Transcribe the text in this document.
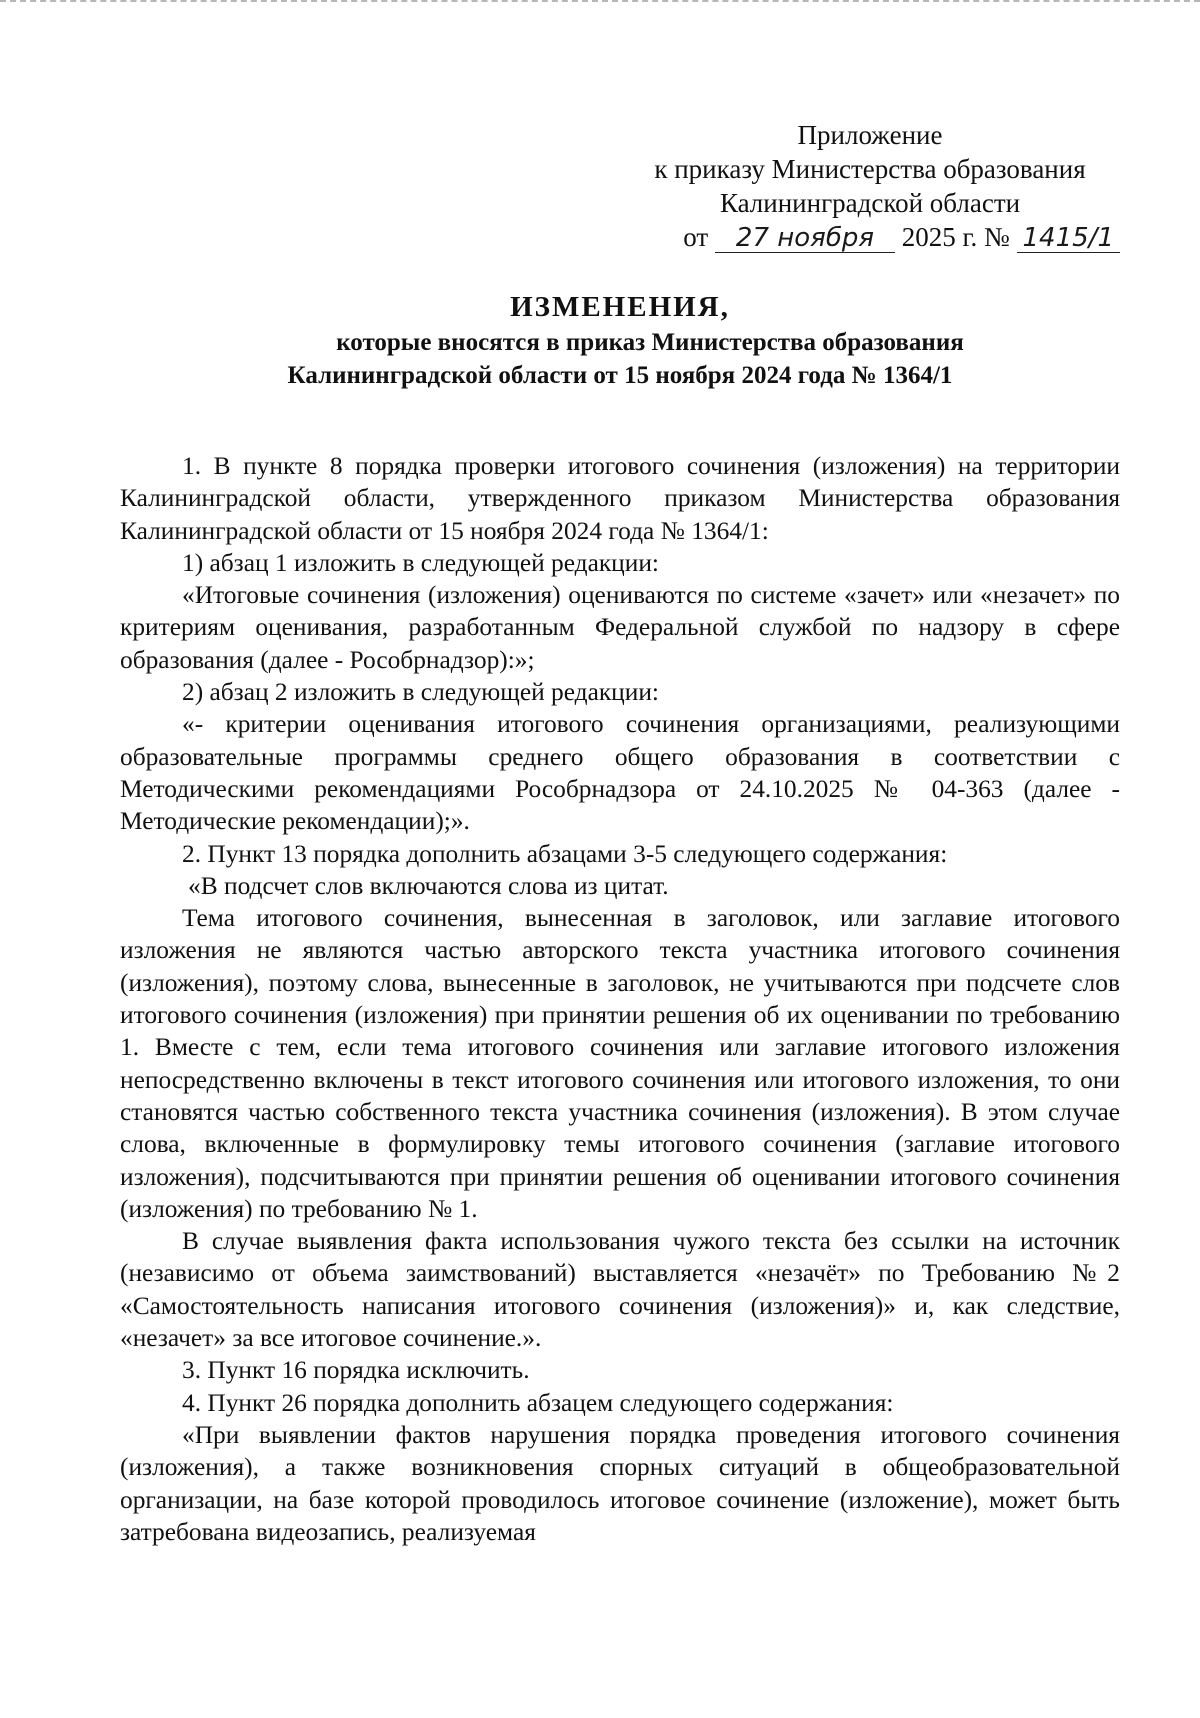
Приложение
к приказу Министерства образования
Калининградской области
от 27 ноября 2025 г. № 1415/1
ИЗМЕНЕНИЯ,
которые вносятся в приказ Министерства образования
Калининградской области от 15 ноября 2024 года № 1364/1

1. В пункте 8 порядка проверки итогового сочинения (изложения) на территории Калининградской области, утвержденного приказом Министерства образования Калининградской области от 15 ноября 2024 года № 1364/1:

1) абзац 1 изложить в следующей редакции:

«Итоговые сочинения (изложения) оцениваются по системе «зачет» или «незачет» по критериям оценивания, разработанным Федеральной службой по надзору в сфере образования (далее - Рособрнадзор):»;

2) абзац 2 изложить в следующей редакции:

«- критерии оценивания итогового сочинения организациями, реализующими образовательные программы среднего общего образования в соответствии с Методическими рекомендациями Рособрнадзора от 24.10.2025 № 04-363 (далее - Методические рекомендации);».

2. Пункт 13 порядка дополнить абзацами 3-5 следующего содержания:

«В подсчет слов включаются слова из цитат.

Тема итогового сочинения, вынесенная в заголовок, или заглавие итогового изложения не являются частью авторского текста участника итогового сочинения (изложения), поэтому слова, вынесенные в заголовок, не учитываются при подсчете слов итогового сочинения (изложения) при принятии решения об их оценивании по требованию 1. Вместе с тем, если тема итогового сочинения или заглавие итогового изложения непосредственно включены в текст итогового сочинения или итогового изложения, то они становятся частью собственного текста участника сочинения (изложения). В этом случае слова, включенные в формулировку темы итогового сочинения (заглавие итогового изложения), подсчитываются при принятии решения об оценивании итогового сочинения (изложения) по требованию № 1.

В случае выявления факта использования чужого текста без ссылки на источник (независимо от объема заимствований) выставляется «незачёт» по Требованию №2 «Самостоятельность написания итогового сочинения (изложения)» и, как следствие, «незачет» за все итоговое сочинение.».

3. Пункт 16 порядка исключить.

4. Пункт 26 порядка дополнить абзацем следующего содержания:

«При выявлении фактов нарушения порядка проведения итогового сочинения (изложения), а также возникновения спорных ситуаций в общеобразовательной организации, на базе которой проводилось итоговое сочинение (изложение), может быть затребована видеозапись, реализуемая
